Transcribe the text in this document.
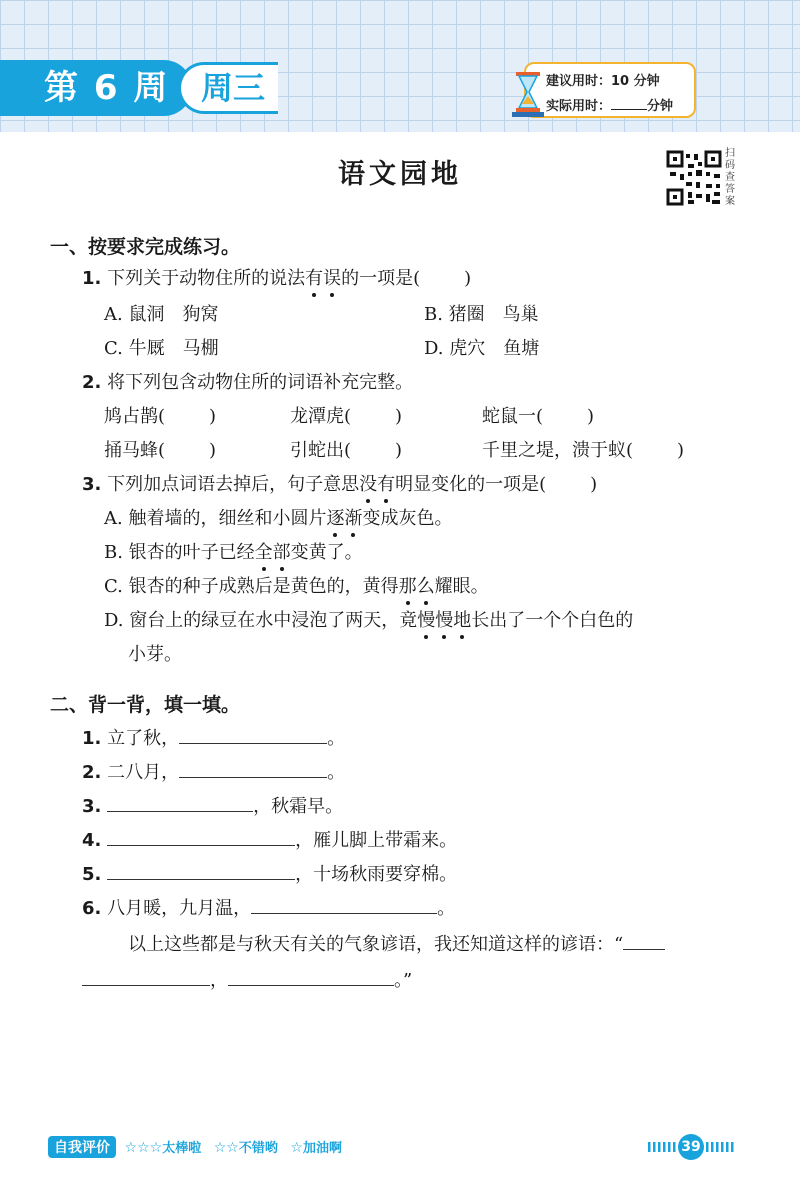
第 6 周 周三	建议用时：10 分钟
实际用时：	分钟
语文园地
扫码查答案
一、按要求完成练习。
1. 下列关于动物住所的说法有误的一项是( )
A. 鼠洞　狗窝	B. 猪圈　鸟巢
C. 牛厩　马棚	D. 虎穴　鱼塘
2. 将下列包含动物住所的词语补充完整。
鸠占鹊( )	龙潭虎( )	蛇鼠一( )
捅马蜂( )	引蛇出( )	千里之堤，溃于蚁( )
3. 下列加点词语去掉后，句子意思没有明显变化的一项是( )
A. 触着墙的，细丝和小圆片逐渐变成灰色。
B. 银杏的叶子已经全部变黄了。
C. 银杏的种子成熟后是黄色的，黄得那么耀眼。
D. 窗台上的绿豆在水中浸泡了两天，竟慢慢地长出了一个个白色的
小芽。
二、背一背，填一填。
1. 立了秋，	。
2. 二八月，	。
3.	，秋霜早。
4.	，雁儿脚上带霜来。
5.	，十场秋雨要穿棉。
6. 八月暖，九月温，	。
以上这些都是与秋天有关的气象谚语，我还知道这样的谚语：“
，	。”
自我评价 ☆☆☆太棒啦 ☆☆不错哟 ☆加油啊	39
